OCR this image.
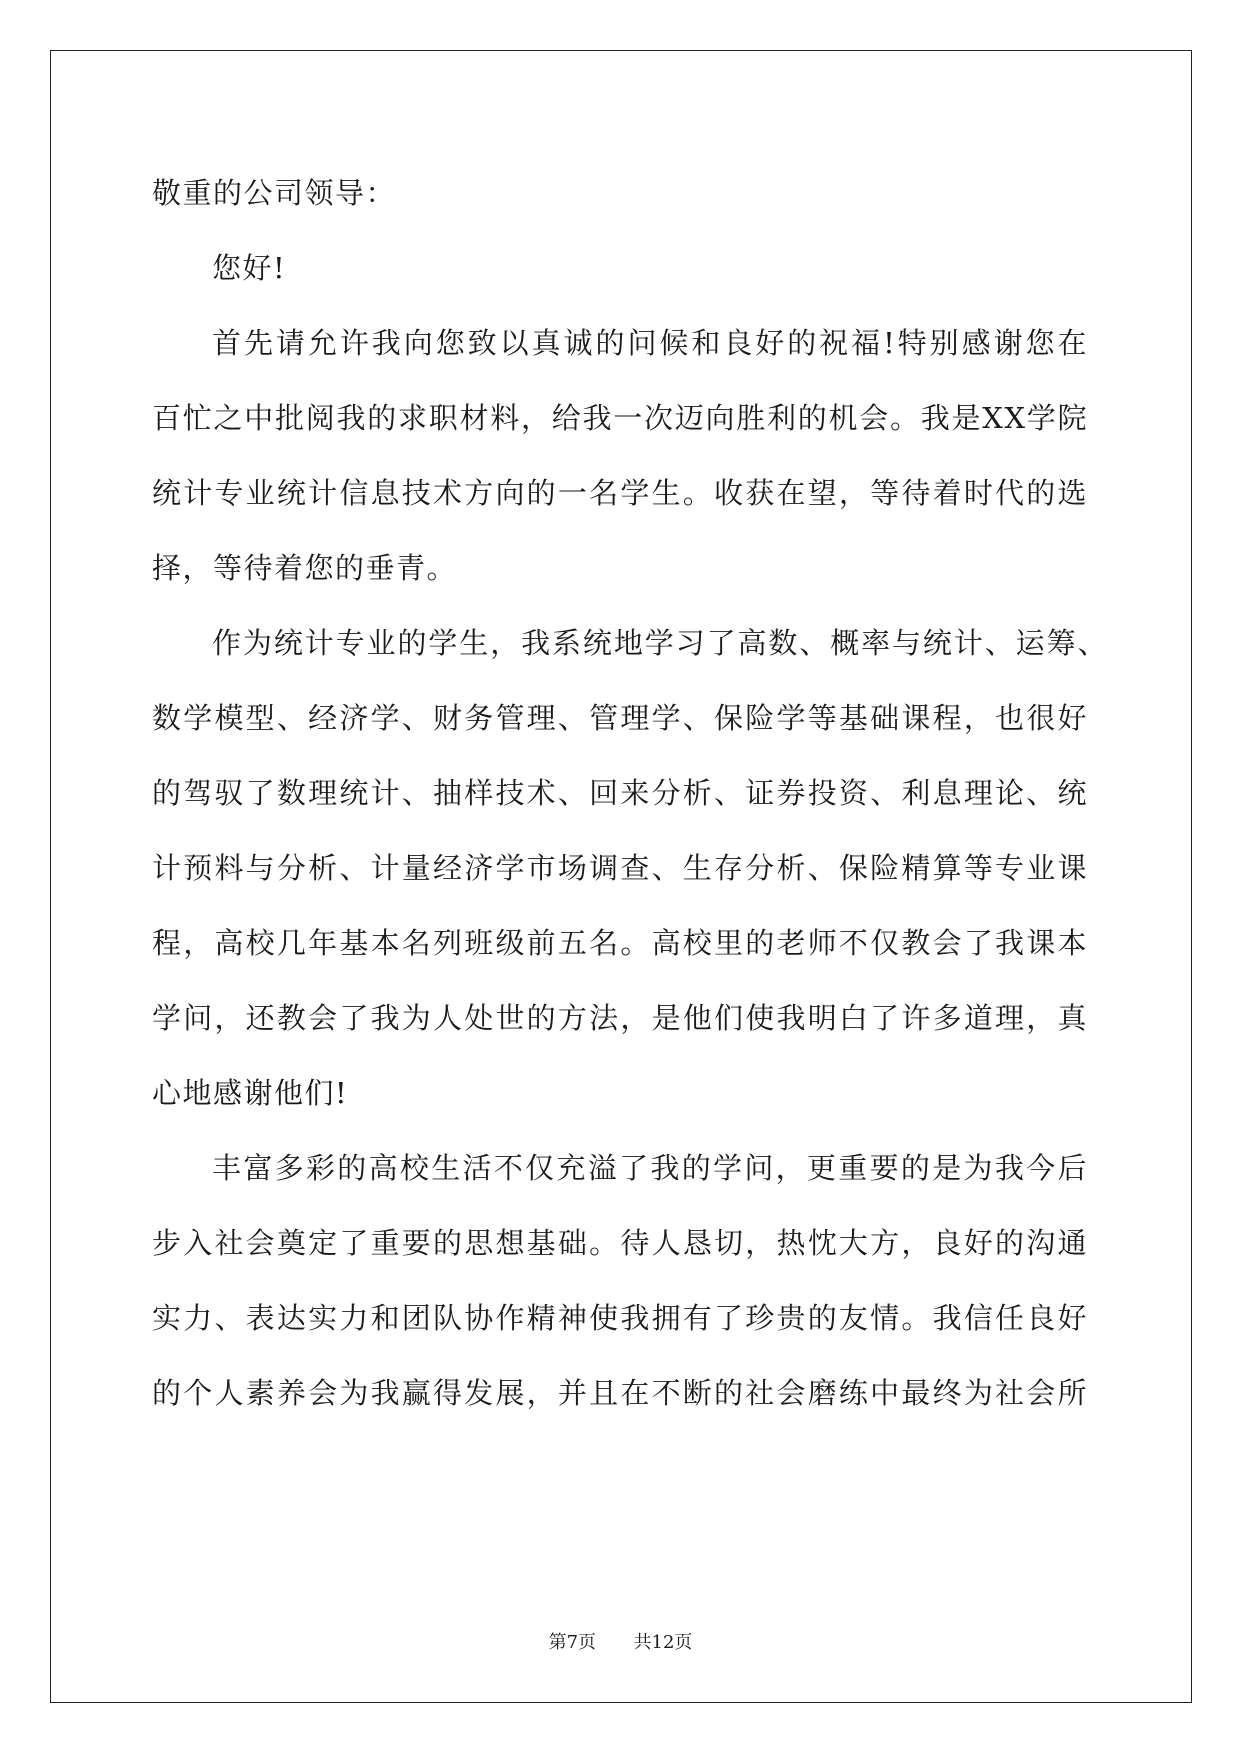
敬重的公司领导：
您好!
首先请允许我向您致以真诚的问候和良好的祝福!特别感谢您在
百忙之中批阅我的求职材料，给我一次迈向胜利的机会。我是XX学院
统计专业统计信息技术方向的一名学生。收获在望，等待着时代的选
择，等待着您的垂青。
作为统计专业的学生，我系统地学习了高数、概率与统计、运筹、
数学模型、经济学、财务管理、管理学、保险学等基础课程，也很好
的驾驭了数理统计、抽样技术、回来分析、证券投资、利息理论、统
计预料与分析、计量经济学市场调查、生存分析、保险精算等专业课
程，高校几年基本名列班级前五名。高校里的老师不仅教会了我课本
学问，还教会了我为人处世的方法，是他们使我明白了许多道理，真
心地感谢他们!
丰富多彩的高校生活不仅充溢了我的学问，更重要的是为我今后
步入社会奠定了重要的思想基础。待人恳切，热忱大方，良好的沟通
实力、表达实力和团队协作精神使我拥有了珍贵的友情。我信任良好
的个人素养会为我赢得发展，并且在不断的社会磨练中最终为社会所
第7页 共12页
